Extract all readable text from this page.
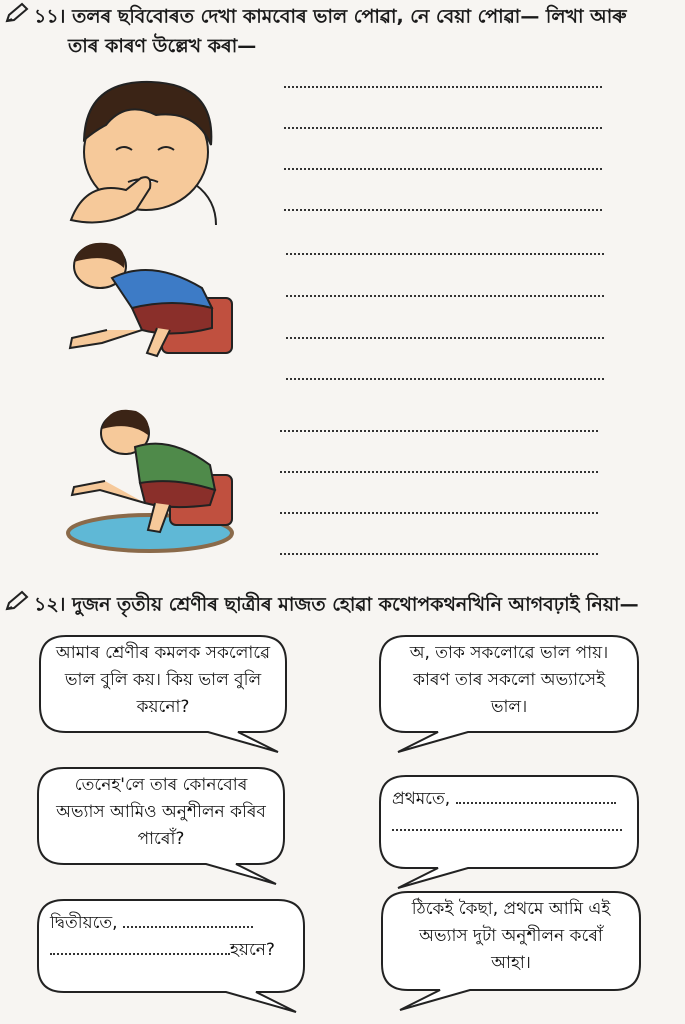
১১। তলৰ ছবিবোৰত দেখা কামবোৰ ভাল পোৱা, নে বেয়া পোৱা— লিখা আৰু
তাৰ কাৰণ উল্লেখ কৰা—
১২। দুজন তৃতীয় শ্ৰেণীৰ ছাত্ৰীৰ মাজত হোৱা কথোপকথনখিনি আগবঢ়াই নিয়া—
আমাৰ শ্ৰেণীৰ কমলক সকলোৱে
ভাল বুলি কয়। কিয় ভাল বুলি
কয়নো?
অ, তাক সকলোৱে ভাল পায়।
কাৰণ তাৰ সকলো অভ্যাসেই
ভাল।
তেনেহ'লে তাৰ কোনবোৰ
অভ্যাস আমিও অনুশীলন কৰিব
পাৰোঁ?
প্ৰথমতে,
দ্বিতীয়তে,
হয়নে?
ঠিকেই কৈছা, প্ৰথমে আমি এই
অভ্যাস দুটা অনুশীলন কৰোঁ
আহা।
